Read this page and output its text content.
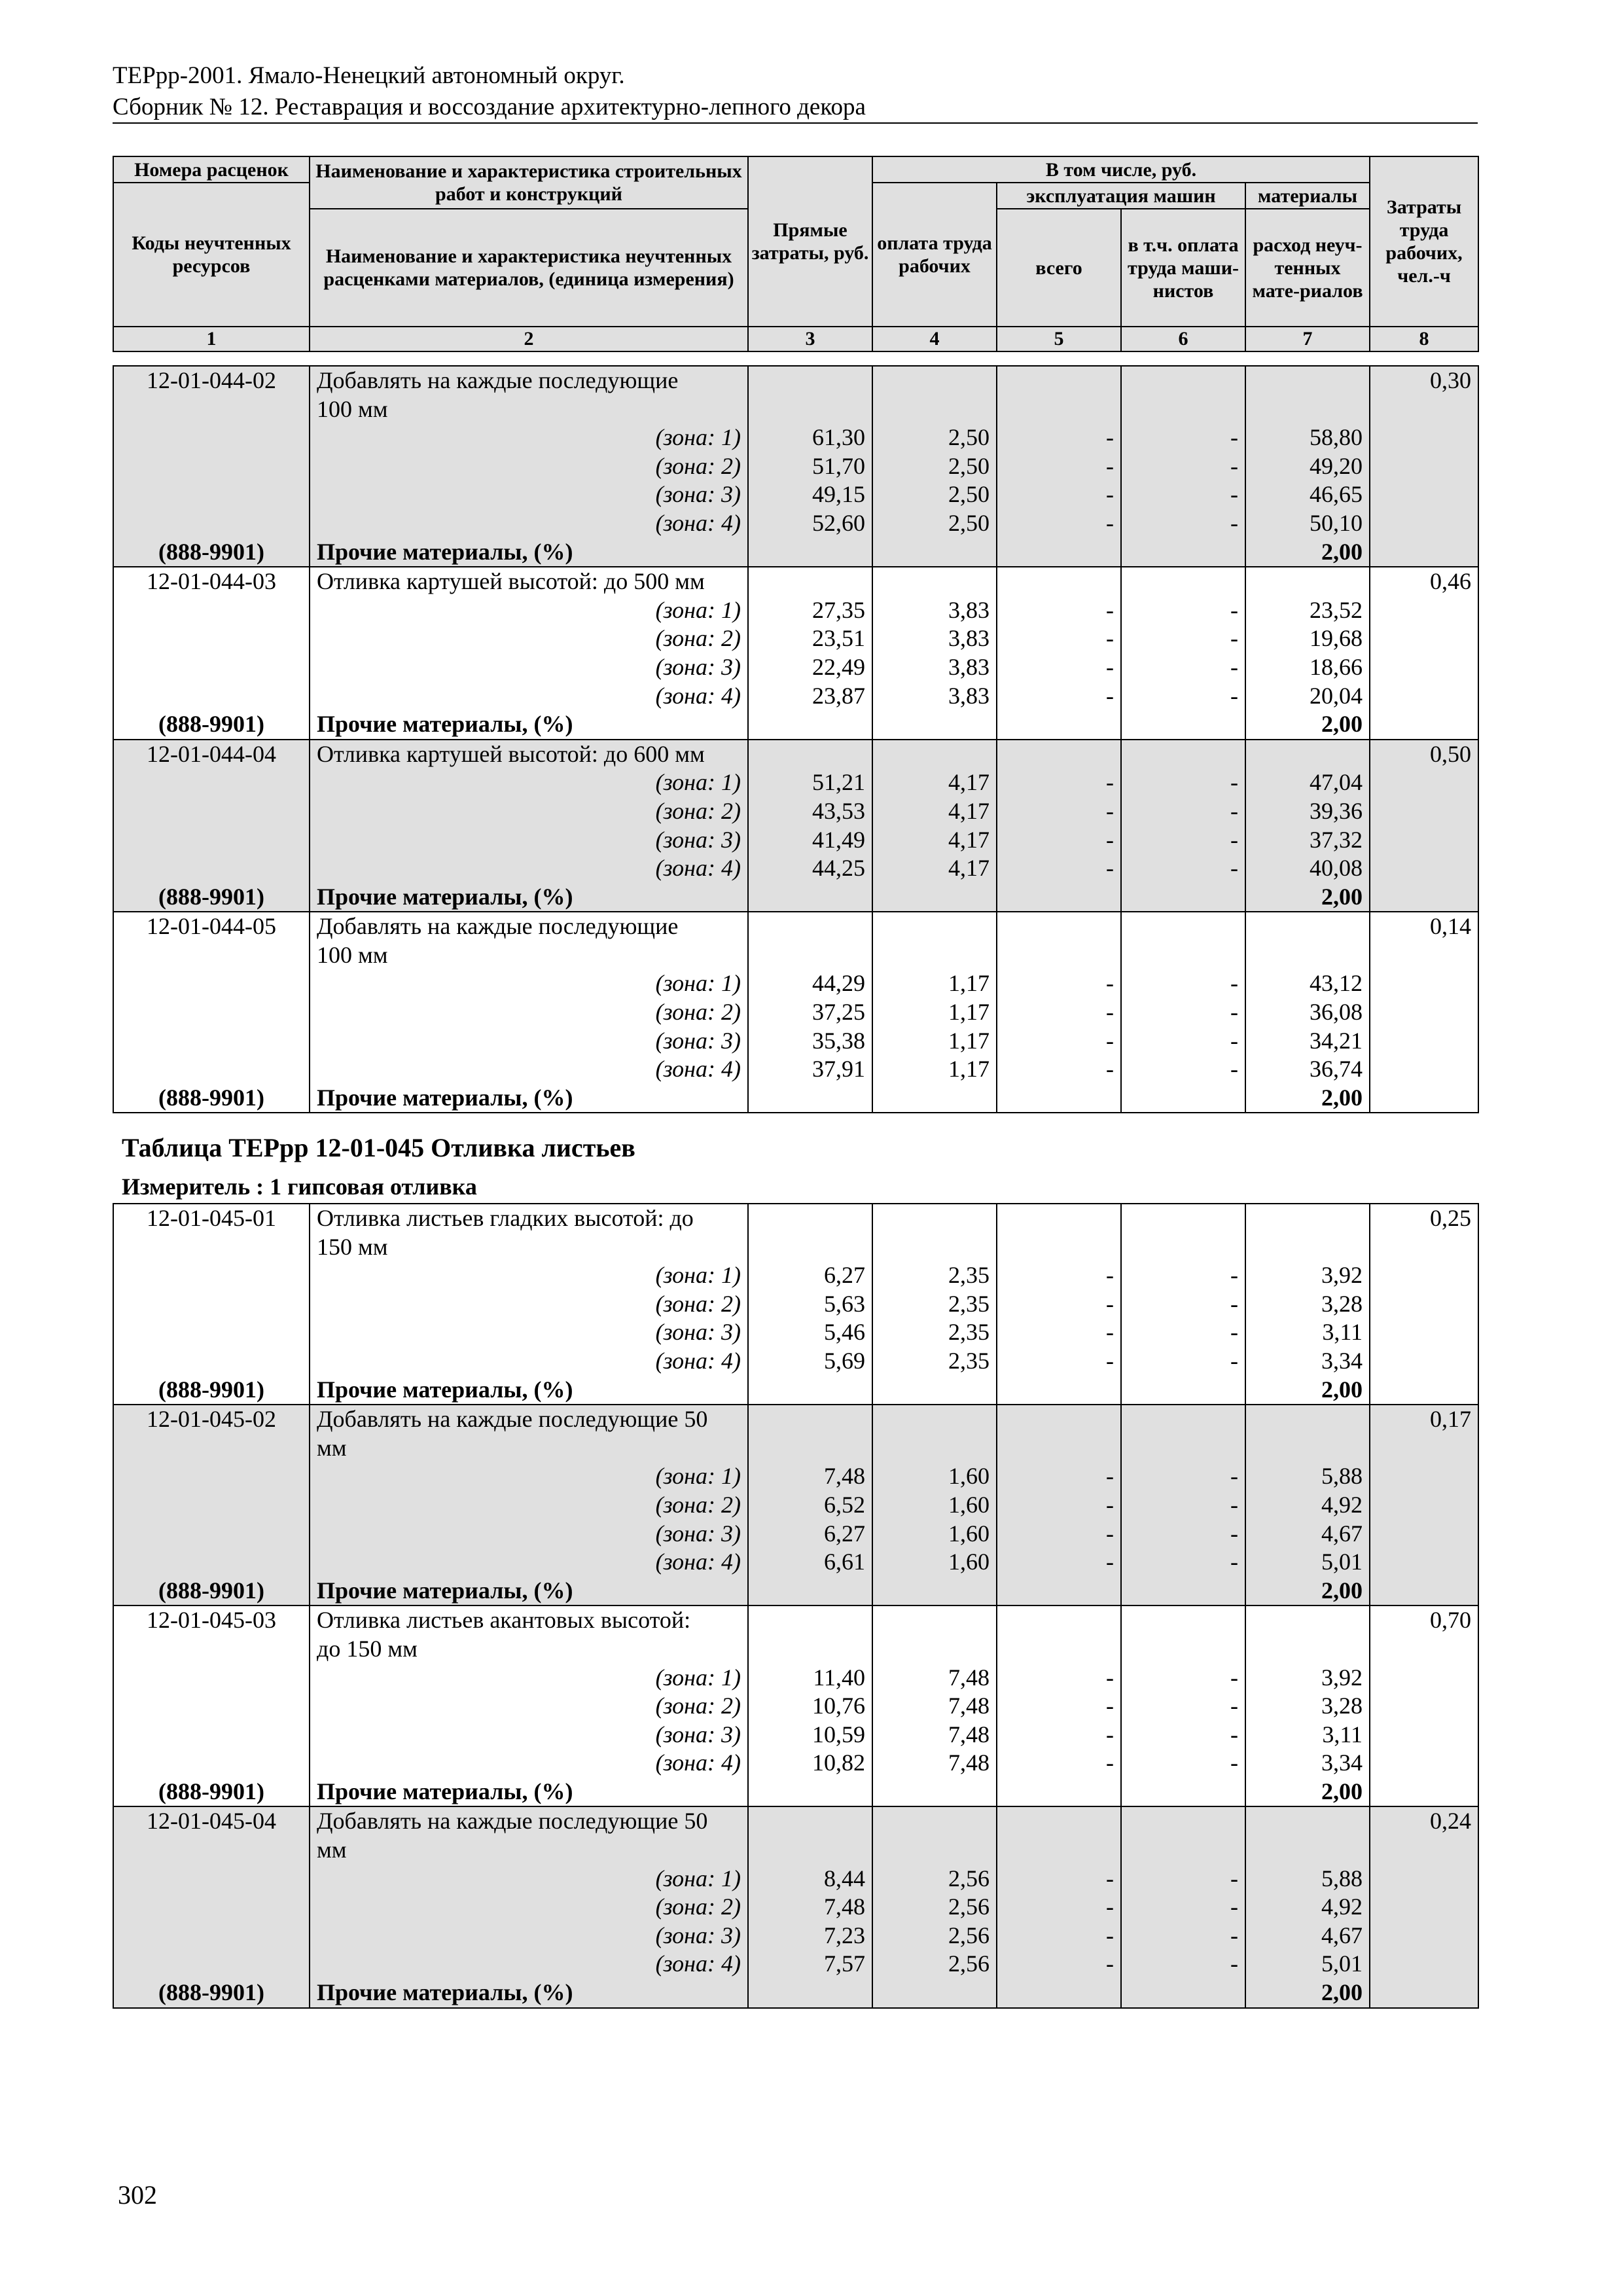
ТЕРрр-2001. Ямало-Ненецкий автономный округ.
Сборник № 12. Реставрация и воссоздание архитектурно-лепного декора
Номера расценок	Наименование и характеристика строительных работ и конструкций	Прямые затраты, руб.	В том числе, руб.				Затраты труда рабочих, чел.-ч
Коды неучтенных ресурсов			оплата труда рабочих	эксплуатация машин		материалы	
	Наименование и характеристика неучтенных расценками материалов, (единица измерения)			всего	в т.ч. оплата труда маши-нистов	расход неуч-тенных мате-риалов	

1	2	3	4	5	6	7	8
12-01-044-02	Добавлять на каждые последующие						0,30
	100 мм						
	(зона: 1)	61,30	2,50	-	-	58,80	
	(зона: 2)	51,70	2,50	-	-	49,20	
	(зона: 3)	49,15	2,50	-	-	46,65	
	(зона: 4)	52,60	2,50	-	-	50,10	
(888-9901)	Прочие материалы, (%)					2,00	
12-01-044-03	Отливка картушей высотой: до 500 мм						0,46
	(зона: 1)	27,35	3,83	-	-	23,52	
	(зона: 2)	23,51	3,83	-	-	19,68	
	(зона: 3)	22,49	3,83	-	-	18,66	
	(зона: 4)	23,87	3,83	-	-	20,04	
(888-9901)	Прочие материалы, (%)					2,00	
12-01-044-04	Отливка картушей высотой: до 600 мм						0,50
	(зона: 1)	51,21	4,17	-	-	47,04	
	(зона: 2)	43,53	4,17	-	-	39,36	
	(зона: 3)	41,49	4,17	-	-	37,32	
	(зона: 4)	44,25	4,17	-	-	40,08	
(888-9901)	Прочие материалы, (%)					2,00	
12-01-044-05	Добавлять на каждые последующие						0,14
	100 мм						
	(зона: 1)	44,29	1,17	-	-	43,12	
	(зона: 2)	37,25	1,17	-	-	36,08	
	(зона: 3)	35,38	1,17	-	-	34,21	
	(зона: 4)	37,91	1,17	-	-	36,74	
(888-9901)	Прочие материалы, (%)					2,00	
Таблица ТЕРрр 12-01-045 Отливка листьев
Измеритель : 1 гипсовая отливка
12-01-045-01	Отливка листьев гладких высотой: до						0,25
	150 мм						
	(зона: 1)	6,27	2,35	-	-	3,92	
	(зона: 2)	5,63	2,35	-	-	3,28	
	(зона: 3)	5,46	2,35	-	-	3,11	
	(зона: 4)	5,69	2,35	-	-	3,34	
(888-9901)	Прочие материалы, (%)					2,00	
12-01-045-02	Добавлять на каждые последующие 50						0,17
	мм						
	(зона: 1)	7,48	1,60	-	-	5,88	
	(зона: 2)	6,52	1,60	-	-	4,92	
	(зона: 3)	6,27	1,60	-	-	4,67	
	(зона: 4)	6,61	1,60	-	-	5,01	
(888-9901)	Прочие материалы, (%)					2,00	
12-01-045-03	Отливка листьев акантовых высотой:						0,70
	до 150 мм						
	(зона: 1)	11,40	7,48	-	-	3,92	
	(зона: 2)	10,76	7,48	-	-	3,28	
	(зона: 3)	10,59	7,48	-	-	3,11	
	(зона: 4)	10,82	7,48	-	-	3,34	
(888-9901)	Прочие материалы, (%)					2,00	
12-01-045-04	Добавлять на каждые последующие 50						0,24
	мм						
	(зона: 1)	8,44	2,56	-	-	5,88	
	(зона: 2)	7,48	2,56	-	-	4,92	
	(зона: 3)	7,23	2,56	-	-	4,67	
	(зона: 4)	7,57	2,56	-	-	5,01	
(888-9901)	Прочие материалы, (%)					2,00	
302
